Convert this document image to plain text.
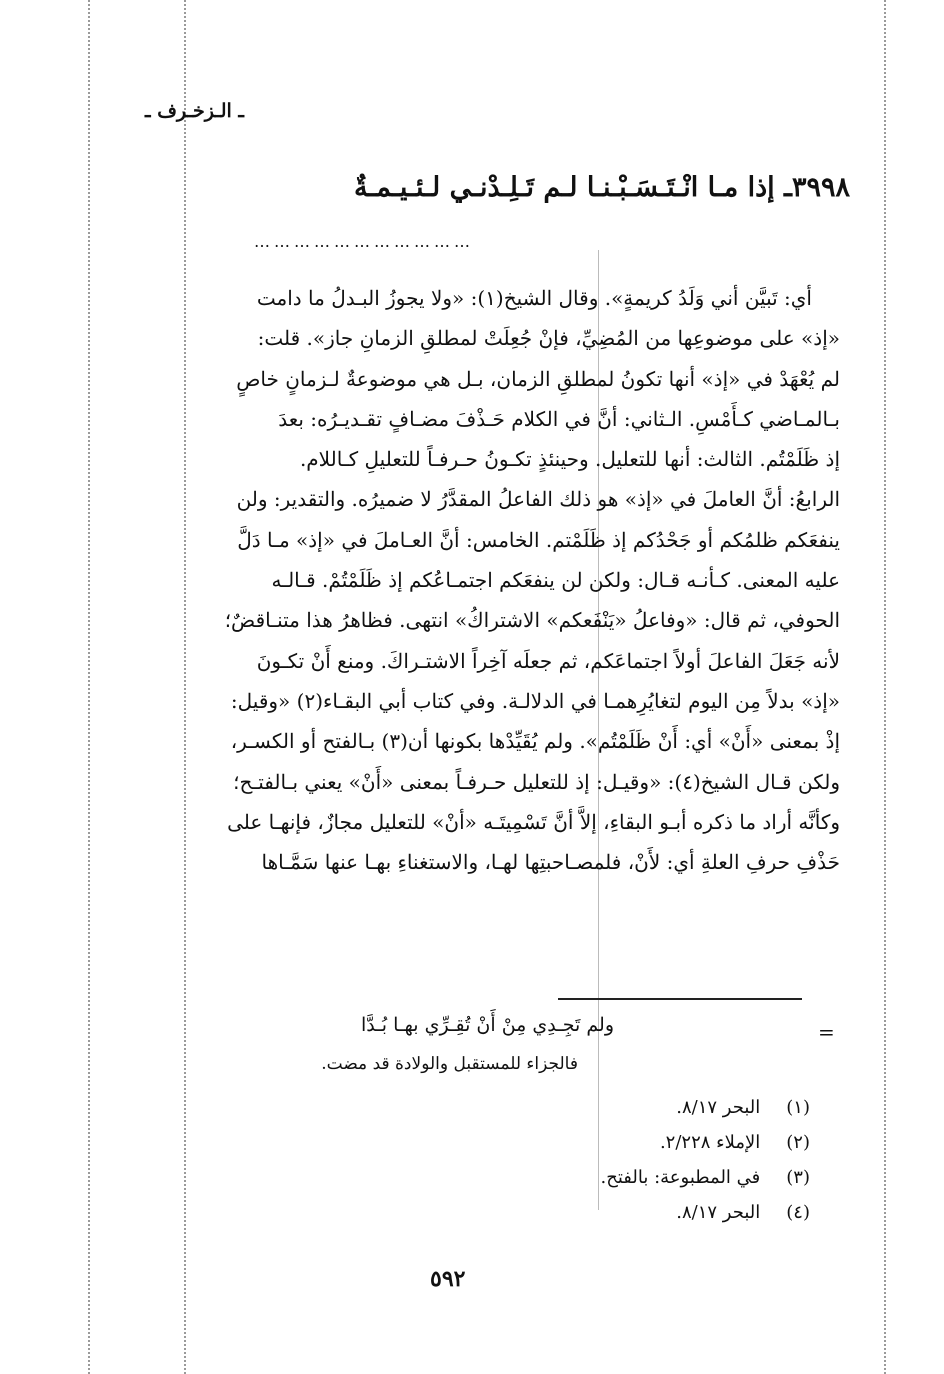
ـ الـزخـرف ـ
٣٩٩٨ـ إذا مـا انْـتَـسَـبْـنـا لـم تَـلِـدْنـي لـئـيـمـةٌ
……………………………
أي: تَبيَّن أني وَلَدُ كريمةٍ». وقال الشيخ(١): «ولا يجوزُ البـدلُ ما دامت
«إذ» على موضوعِها من المُضِيِّ، فإنْ جُعِلَتْ لمطلقِ الزمانِ جاز». قلت:
لم يُعْهَدْ في «إذ» أنها تكونُ لمطلقِ الزمان، بـل هي موضوعةٌ لـزمانٍ خاصٍ
بـالمـاضي كـأَمْسِ. الـثاني: أنَّ في الكلام حَـذْفَ مضـافٍ تقـديـرُه: بعدَ
إذ ظَلَمْتُم. الثالث: أنها للتعليل. وحينئذٍ تكـونُ حـرفـاً للتعليلِ كـاللام.
الرابعُ: أنَّ العاملَ في «إذ» هو ذلك الفاعلُ المقدَّرُ لا ضميرُه. والتقدير: ولن
ينفعَكم ظلمُكم أو جَحْدُكم إذ ظَلَمْتم. الخامس: أنَّ العـاملَ في «إذ» مـا دَلَّ
عليه المعنى. كـأنـه قـال: ولكن لن ينفعَكم اجتمـاعُكم إذ ظَلَمْتُمْ. قـالـه
الحوفي، ثم قال: «وفاعلُ «يَنْفَعكم» الاشتراكُ» انتهى. فظاهرُ هذا متنـاقضٌ؛
لأنه جَعَلَ الفاعلَ أولاً اجتماعَكم، ثم جعلَه آخِراً الاشتـراكَ. ومنع أَنْ تكـونَ
«إذ» بدلاً مِن اليوم لتغايُرِهمـا في الدلالـة. وفي كتاب أبي البقـاء(٢) «وقيل:
إذْ بمعنى «أَنْ» أي: أَنْ ظَلَمْتُم». ولم يُقَيِّدْها بكونها أن(٣) بـالفتح أو الكسـر،
ولكن قـال الشيخ(٤): «وقيـل: إذ للتعليل حـرفـاً بمعنى «أَنْ» يعني بـالفتـح؛
وكأنَّه أراد ما ذكره أبـو البقاءِ، إلاَّ أنَّ تَسْمِيتَـه «أنْ» للتعليل مجازٌ، فإنهـا على
حَذْفِ حرفِ العلةِ أي: لأَنْ، فلمصـاحبتِها لهـا، والاستغناءِ بهـا عنها سَمَّـاها
=
ولم تَجِـدِي مِنْ أَنْ تُقِـرِّي بهـا بُـدَّا
فالجزاء للمستقبل والولادة قد مضت.
(١) البحر ٨/١٧.
(٢) الإملاء ٢/٢٢٨.
(٣) في المطبوعة: بالفتح.
(٤) البحر ٨/١٧.
٥٩٢
